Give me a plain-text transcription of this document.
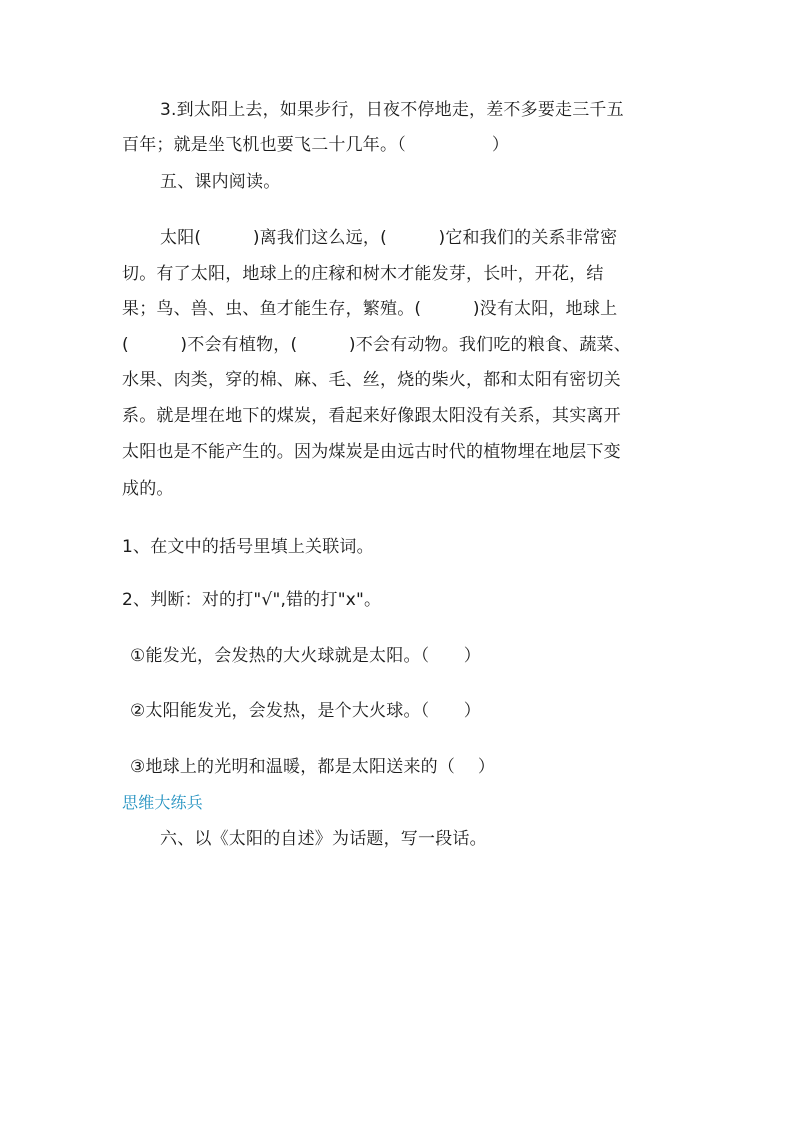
3.到太阳上去，如果步行，日夜不停地走，差不多要走三千五
百年；就是坐飞机也要飞二十几年。（　　　　　）
五、课内阅读。
太阳(　　　)离我们这么远，(　　　)它和我们的关系非常密
切。有了太阳，地球上的庄稼和树木才能发芽，长叶，开花，结
果；鸟、兽、虫、鱼才能生存，繁殖。(　　　)没有太阳，地球上
(　　　)不会有植物，(　　　)不会有动物。我们吃的粮食、蔬菜、
水果、肉类，穿的棉、麻、毛、丝，烧的柴火，都和太阳有密切关
系。就是埋在地下的煤炭，看起来好像跟太阳没有关系，其实离开
太阳也是不能产生的。因为煤炭是由远古时代的植物埋在地层下变
成的。
1、在文中的括号里填上关联词。
2、判断：对的打"√",错的打"x"。
①能发光，会发热的大火球就是太阳。（　　）
②太阳能发光，会发热，是个大火球。（　　）
③地球上的光明和温暖，都是太阳送来的（　 ）
思维大练兵
六、以《太阳的自述》为话题，写一段话。
